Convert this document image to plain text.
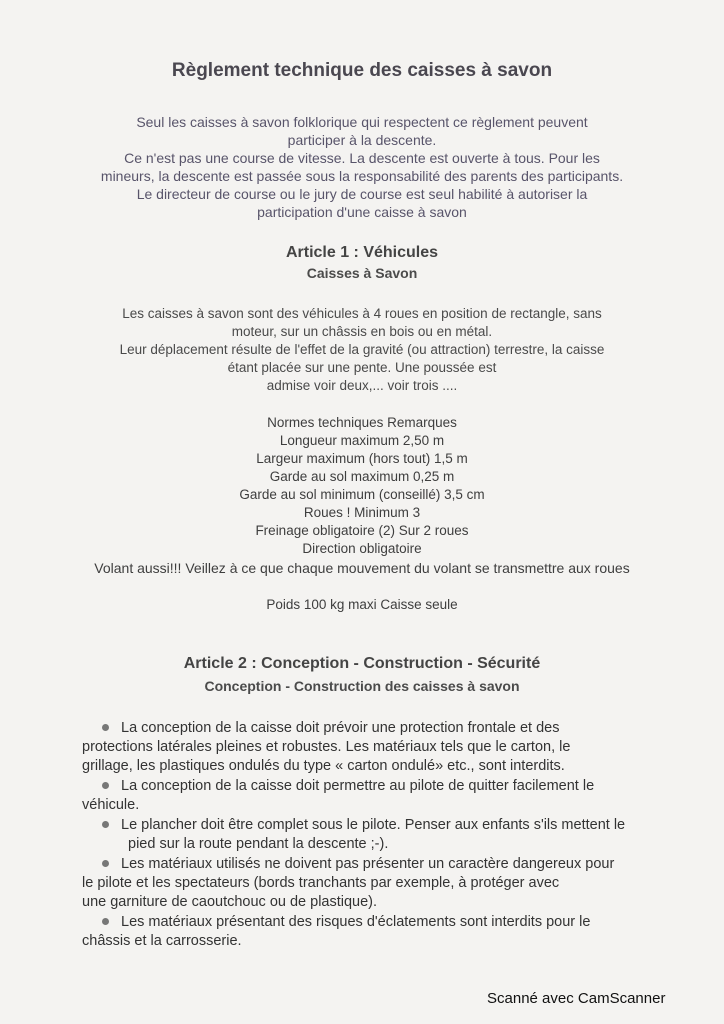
Règlement technique des caisses à savon
Seul les caisses à savon folklorique qui respectent ce règlement peuvent
participer à la descente.
Ce n'est pas une course de vitesse. La descente est ouverte à tous. Pour les
mineurs, la descente est passée sous la responsabilité des parents des participants.
Le directeur de course ou le jury de course est seul habilité à autoriser la
participation d'une caisse à savon
Article 1 : Véhicules
Caisses à Savon
Les caisses à savon sont des véhicules à 4 roues en position de rectangle, sans
moteur, sur un châssis en bois ou en métal.
Leur déplacement résulte de l'effet de la gravité (ou attraction) terrestre, la caisse
étant placée sur une pente. Une poussée est
admise voir deux,... voir trois ....
Normes techniques Remarques
Longueur maximum 2,50 m
Largeur maximum (hors tout) 1,5 m
Garde au sol maximum 0,25 m
Garde au sol minimum (conseillé) 3,5 cm
Roues ! Minimum 3
Freinage obligatoire (2) Sur 2 roues
Direction obligatoire
Volant aussi!!! Veillez à ce que chaque mouvement du volant se transmettre aux roues
Poids 100 kg maxi Caisse seule
Article 2 : Conception - Construction - Sécurité
Conception - Construction des caisses à savon
La conception de la caisse doit prévoir une protection frontale et des
protections latérales pleines et robustes. Les matériaux tels que le carton, le
grillage, les plastiques ondulés du type « carton ondulé» etc., sont interdits.
La conception de la caisse doit permettre au pilote de quitter facilement le
véhicule.
Le plancher doit être complet sous le pilote. Penser aux enfants s'ils mettent le
pied sur la route pendant la descente ;-).
Les matériaux utilisés ne doivent pas présenter un caractère dangereux pour
le pilote et les spectateurs (bords tranchants par exemple, à protéger avec
une garniture de caoutchouc ou de plastique).
Les matériaux présentant des risques d'éclatements sont interdits pour le
châssis et la carrosserie.
Scanné avec CamScanner
